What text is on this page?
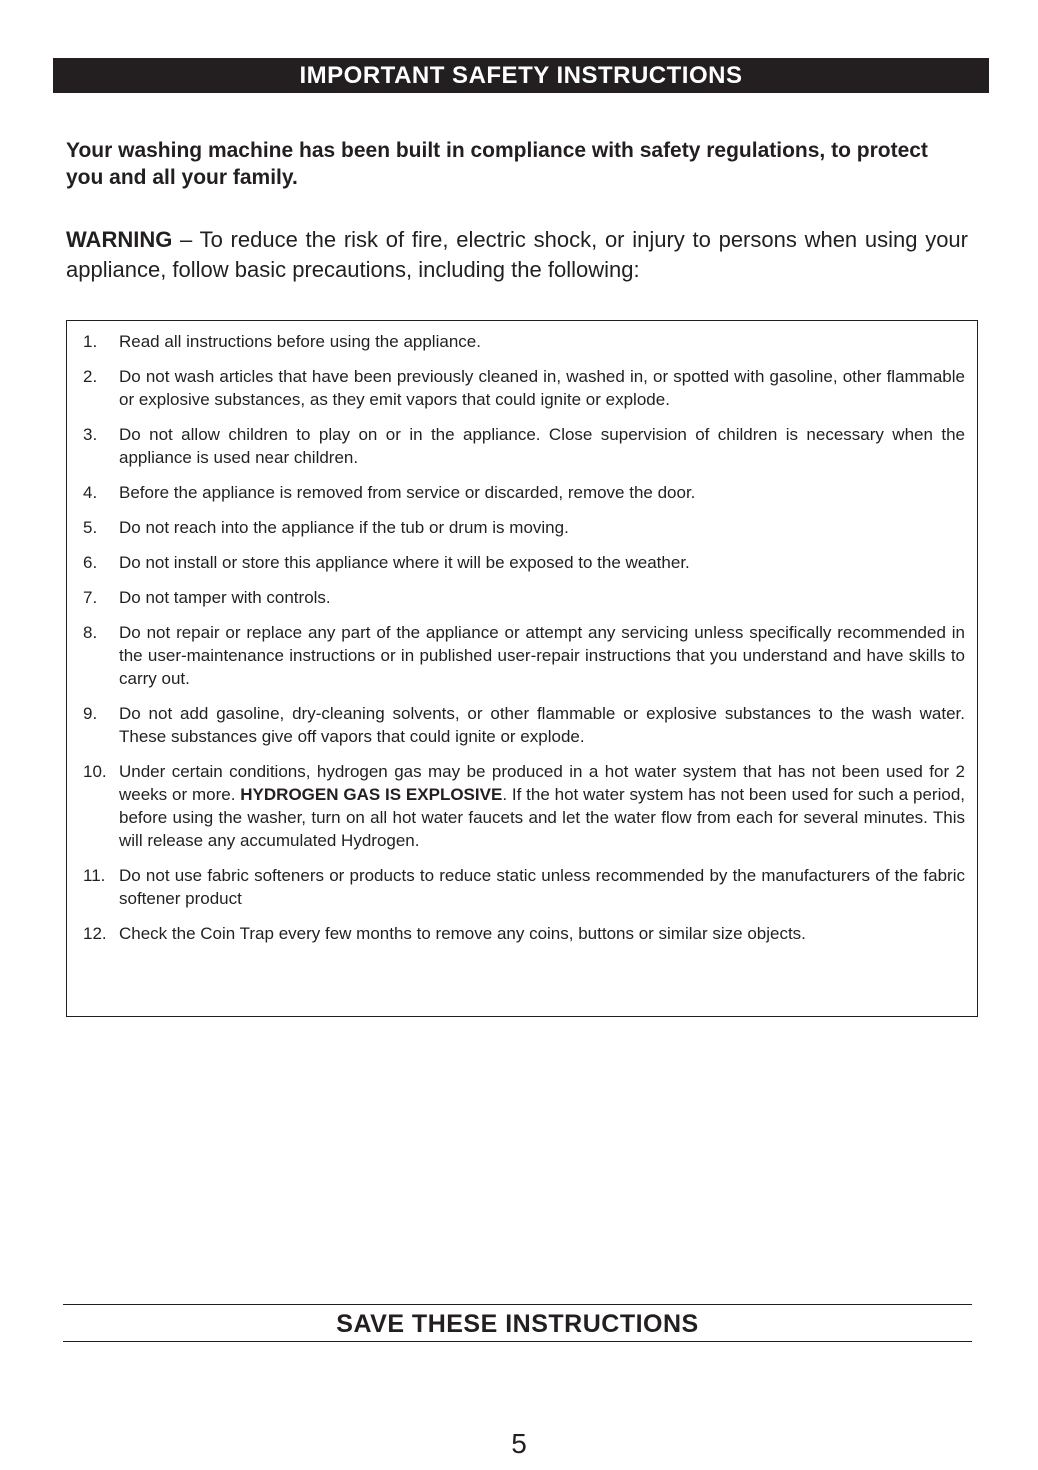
IMPORTANT SAFETY INSTRUCTIONS
Your washing machine has been built in compliance with safety regulations, to protect you and all your family.
WARNING – To reduce the risk of fire, electric shock, or injury to persons when using your appliance, follow basic precautions, including the following:
1. Read all instructions before using the appliance.
2. Do not wash articles that have been previously cleaned in, washed in, or spotted with gasoline, other flammable or explosive substances, as they emit vapors that could ignite or explode.
3. Do not allow children to play on or in the appliance. Close supervision of children is necessary when the appliance is used near children.
4. Before the appliance is removed from service or discarded, remove the door.
5. Do not reach into the appliance if the tub or drum is moving.
6. Do not install or store this appliance where it will be exposed to the weather.
7. Do not tamper with controls.
8. Do not repair or replace any part of the appliance or attempt any servicing unless specifically recommended in the user-maintenance instructions or in published user-repair instructions that you understand and have skills to carry out.
9. Do not add gasoline, dry-cleaning solvents, or other flammable or explosive substances to the wash water. These substances give off vapors that could ignite or explode.
10. Under certain conditions, hydrogen gas may be produced in a hot water system that has not been used for 2 weeks or more. HYDROGEN GAS IS EXPLOSIVE. If the hot water system has not been used for such a period, before using the washer, turn on all hot water faucets and let the water flow from each for several minutes. This will release any accumulated Hydrogen.
11. Do not use fabric softeners or products to reduce static unless recommended by the manufacturers of the fabric softener product
12. Check the Coin Trap every few months to remove any coins, buttons or similar size objects.
SAVE THESE INSTRUCTIONS
5
